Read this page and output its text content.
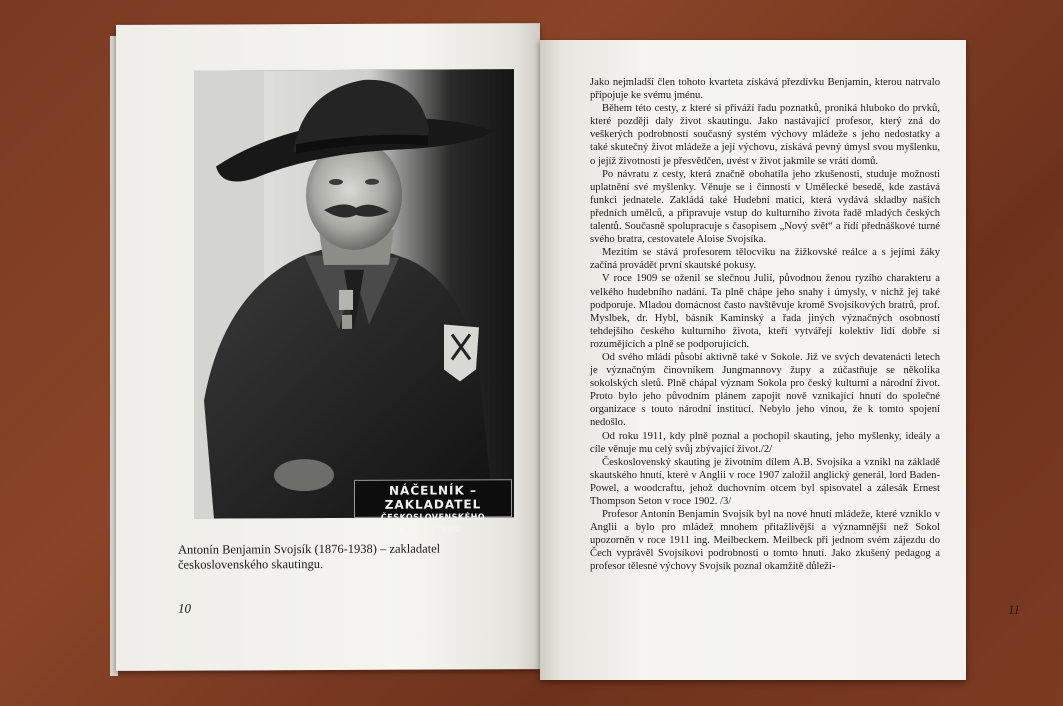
NÁČELNÍK – ZAKLADATEL
ČESKOSLOVENSKÉHO SKAUTINGU
Antonín Benjamin Svojsík (1876-1938) – zakladatel československého skautingu.
10

Jako nejmladší člen tohoto kvarteta získává přezdívku Benjamin, kterou natrvalo připojuje ke svému jménu.

Během této cesty, z které si přiváží řadu poznatků, proniká hluboko do prvků, které později daly život skautingu. Jako nastávající profesor, který zná do veškerých podrobností současný systém výchovy mládeže s jeho nedostatky a také skutečný život mládeže a její výchovu, získává pevný úmysl svou myšlenku, o jejíž životnosti je přesvědčen, uvést v život jakmile se vrátí domů.

Po návratu z cesty, která značně obohatila jeho zkušenosti, studuje možnosti uplatnění své myšlenky. Věnuje se i činnosti v Umělecké besedě, kde zastává funkci jednatele. Zakládá také Hudební matici, která vydává skladby našich předních umělců, a připravuje vstup do kulturního života řadě mladých českých talentů. Současně spolupracuje s časopisem „Nový svět“ a řídí přednáškové turné svého bratra, cestovatele Aloise Svojsíka.

Mezitím se stává profesorem tělocviku na žižkovské reálce a s jejími žáky začíná provádět první skautské pokusy.

V roce 1909 se oženil se slečnou Julií, původnou ženou ryzího charakteru a velkého hudebního nadání. Ta plně chápe jeho snahy i úmysly, v nichž jej také podporuje. Mladou domácnost často navštěvuje kromě Svojsíkových bratrů, prof. Myslbek, dr. Hybl, básník Kaminský a řada jiných význačných osobností tehdejšího českého kulturního života, kteří vytvářejí kolektiv lidí dobře si rozumějících a plně se podporujících.

Od svého mládí působí aktivně také v Sokole. Již ve svých devatenácti letech je význačným činovníkem Jungmannovy župy a zúčastňuje se několika sokolských sletů. Plně chápal význam Sokola pro český kulturní a národní život. Proto bylo jeho původním plánem zapojit nově vznikající hnutí do společné organizace s touto národní institucí. Nebylo jeho vinou, že k tomto spojení nedošlo.

Od roku 1911, kdy plně poznal a pochopil skauting, jeho myšlenky, ideály a cíle věnuje mu celý svůj zbývající život./2/

Československý skauting je životním dílem A.B. Svojsíka a vznikl na základě skautského hnutí, které v Anglii v roce 1907 založil anglický generál, lord Baden-Powel, a woodcraftu, jehož duchovním otcem byl spisovatel a zálesák Ernest Thompson Seton v roce 1902. /3/

Profesor Antonín Benjamin Svojsík byl na nové hnutí mládeže, které vzniklo v Anglii a bylo pro mládež mnohem přitažlivější a významnější než Sokol upozorněn v roce 1911 ing. Meilbeckem. Meilbeck při jednom svém zájezdu do Čech vyprávěl Svojsíkovi podrobnosti o tomto hnutí. Jako zkušený pedagog a profesor tělesné výchovy Svojsík poznal okamžitě důleži-

11
